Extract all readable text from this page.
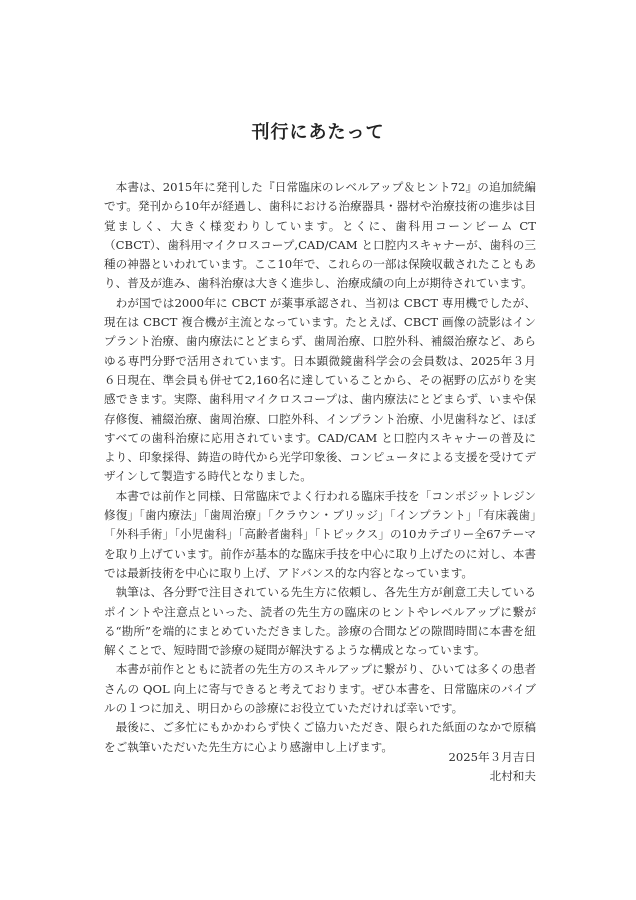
刊行にあたって

本書は、2015年に発刊した『日常臨床のレベルアップ＆ヒント72』の追加続編です。発刊から10年が経過し、歯科における治療器具・器材や治療技術の進歩は目覚ましく、大きく様変わりしています。とくに、歯科用コーンビーム CT（CBCT）、歯科用マイクロスコープ,CAD/CAM と口腔内スキャナーが、歯科の三種の神器といわれています。ここ10年で、これらの一部は保険収載されたこともあり、普及が進み、歯科治療は大きく進歩し、治療成績の向上が期待されています。

わが国では2000年に CBCT が薬事承認され、当初は CBCT 専用機でしたが、現在は CBCT 複合機が主流となっています。たとえば、CBCT 画像の読影はインプラント治療、歯内療法にとどまらず、歯周治療、口腔外科、補綴治療など、あらゆる専門分野で活用されています。日本顕微鏡歯科学会の会員数は、2025年３月６日現在、準会員も併せて2,160名に達していることから、その裾野の広がりを実感できます。実際、歯科用マイクロスコープは、歯内療法にとどまらず、いまや保存修復、補綴治療、歯周治療、口腔外科、インプラント治療、小児歯科など、ほぼすべての歯科治療に応用されています。CAD/CAM と口腔内スキャナーの普及により、印象採得、鋳造の時代から光学印象後、コンピュータによる支援を受けてデザインして製造する時代となりました。

本書では前作と同様、日常臨床でよく行われる臨床手技を「コンポジットレジン修復」「歯内療法」「歯周治療」「クラウン・ブリッジ」「インプラント」「有床義歯」「外科手術」「小児歯科」「高齢者歯科」「トピックス」の10カテゴリー全67テーマを取り上げています。前作が基本的な臨床手技を中心に取り上げたのに対し、本書では最新技術を中心に取り上げ、アドバンス的な内容となっています。

執筆は、各分野で注目されている先生方に依頼し、各先生方が創意工夫しているポイントや注意点といった、読者の先生方の臨床のヒントやレベルアップに繋がる“勘所”を端的にまとめていただきました。診療の合間などの隙間時間に本書を紐解くことで、短時間で診療の疑問が解決するような構成となっています。

本書が前作とともに読者の先生方のスキルアップに繋がり、ひいては多くの患者さんの QOL 向上に寄与できると考えております。ぜひ本書を、日常臨床のバイブルの１つに加え、明日からの診療にお役立ていただければ幸いです。

最後に、ご多忙にもかかわらず快くご協力いただき、限られた紙面のなかで原稿をご執筆いただいた先生方に心より感謝申し上げます。

2025年３月吉日
北村和夫
